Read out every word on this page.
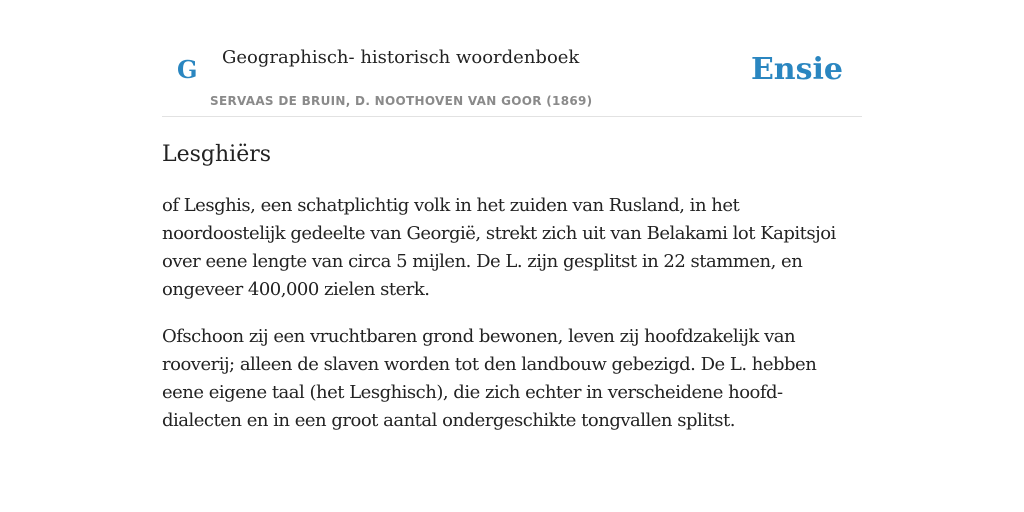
G Geographisch- historisch woordenboek
SERVAAS DE BRUIN, D. NOOTHOVEN VAN GOOR (1869)
Ensie
Lesghiërs

of Lesghis, een schatplichtig volk in het zuiden van Rusland, in het noordoostelijk gedeelte van Georgië, strekt zich uit van Belakami lot Kapitsjoi over eene lengte van circa 5 mijlen. De L. zijn gesplitst in 22 stammen, en ongeveer 400,000 zielen sterk.

Ofschoon zij een vruchtbaren grond bewonen, leven zij hoofdzakelijk van rooverij; alleen de slaven worden tot den landbouw gebezigd. De L. hebben eene eigene taal (het Lesghisch), die zich echter in verscheidene hoofd-dialecten en in een groot aantal ondergeschikte tongvallen splitst.
